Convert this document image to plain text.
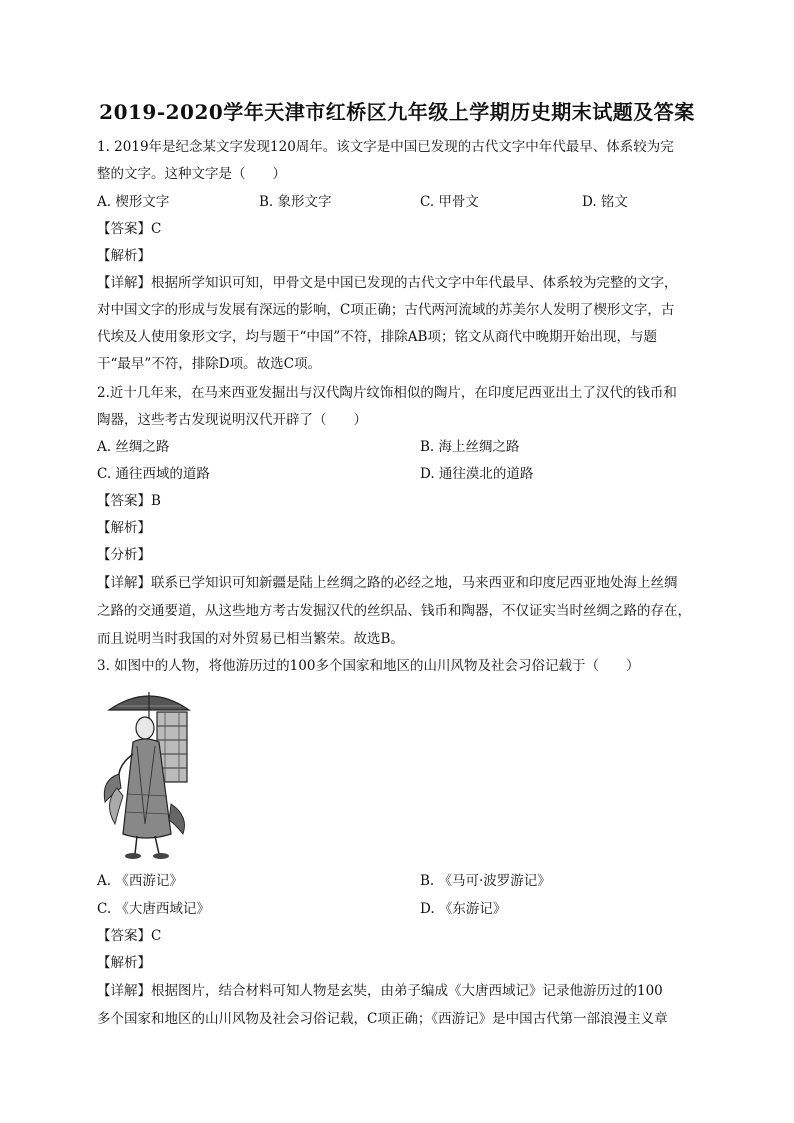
2019-2020学年天津市红桥区九年级上学期历史期末试题及答案
1. 2019年是纪念某文字发现120周年。该文字是中国已发现的古代文字中年代最早、体系较为完
整的文字。这种文字是（　　）
A. 楔形文字	B. 象形文字	C. 甲骨文	D. 铭文
【答案】C
【解析】
【详解】根据所学知识可知，甲骨文是中国已发现的古代文字中年代最早、体系较为完整的文字，
对中国文字的形成与发展有深远的影响，C项正确；古代两河流域的苏美尔人发明了楔形文字，古
代埃及人使用象形文字，均与题干“中国”不符，排除AB项；铭文从商代中晚期开始出现，与题
干“最早”不符，排除D项。故选C项。
2.近十几年来，在马来西亚发掘出与汉代陶片纹饰相似的陶片，在印度尼西亚出土了汉代的钱币和
陶器，这些考古发现说明汉代开辟了（　　）
A. 丝绸之路	B. 海上丝绸之路
C. 通往西域的道路	D. 通往漠北的道路
【答案】B
【解析】
【分析】
【详解】联系已学知识可知新疆是陆上丝绸之路的必经之地，马来西亚和印度尼西亚地处海上丝绸
之路的交通要道，从这些地方考古发掘汉代的丝织品、钱币和陶器，不仅证实当时丝绸之路的存在，
而且说明当时我国的对外贸易已相当繁荣。故选B。
3. 如图中的人物，将他游历过的100多个国家和地区的山川风物及社会习俗记载于（　　）
A. 《西游记》	B. 《马可·波罗游记》
C. 《大唐西域记》	D. 《东游记》
【答案】C
【解析】
【详解】根据图片，结合材料可知人物是玄奘，由弟子编成《大唐西域记》记录他游历过的100
多个国家和地区的山川风物及社会习俗记载，C项正确；《西游记》是中国古代第一部浪漫主义章
